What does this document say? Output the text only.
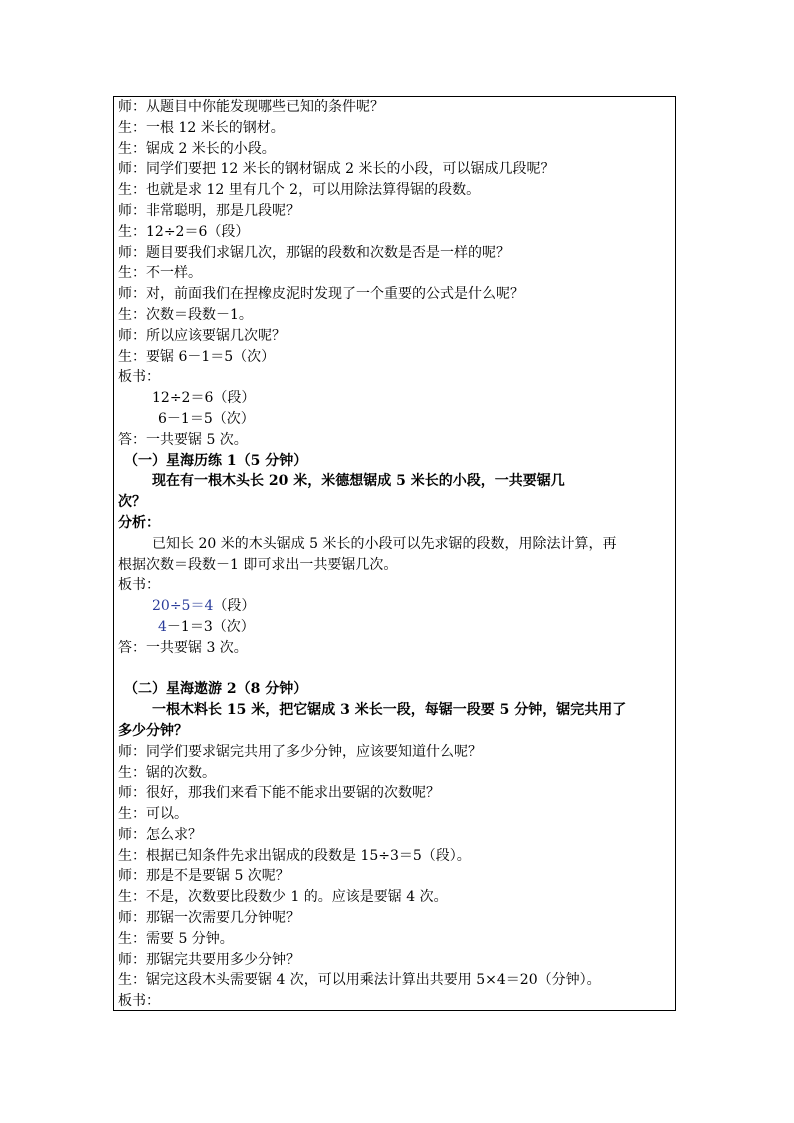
师：从题目中你能发现哪些已知的条件呢？
生：一根 12 米长的钢材。
生：锯成 2 米长的小段。
师：同学们要把 12 米长的钢材锯成 2 米长的小段，可以锯成几段呢？
生：也就是求 12 里有几个 2，可以用除法算得锯的段数。
师：非常聪明，那是几段呢？
生：12÷2＝6（段）
师：题目要我们求锯几次，那锯的段数和次数是否是一样的呢？
生：不一样。
师：对，前面我们在捏橡皮泥时发现了一个重要的公式是什么呢？
生：次数＝段数－1。
师：所以应该要锯几次呢？
生：要锯 6－1＝5（次）
板书：
12÷2＝6（段）
6－1＝5（次）
答：一共要锯 5 次。
（一）星海历练 1（5 分钟）
现在有一根木头长 20 米，米德想锯成 5 米长的小段，一共要锯几
次？
分析：
已知长 20 米的木头锯成 5 米长的小段可以先求锯的段数，用除法计算，再
根据次数＝段数－1 即可求出一共要锯几次。
板书：
20÷5＝4（段）
4－1＝3（次）
答：一共要锯 3 次。
（二）星海遨游 2（8 分钟）
一根木料长 15 米，把它锯成 3 米长一段，每锯一段要 5 分钟，锯完共用了
多少分钟？
师：同学们要求锯完共用了多少分钟，应该要知道什么呢？
生：锯的次数。
师：很好，那我们来看下能不能求出要锯的次数呢？
生：可以。
师：怎么求？
生：根据已知条件先求出锯成的段数是 15÷3＝5（段）。
师：那是不是要锯 5 次呢？
生：不是，次数要比段数少 1 的。应该是要锯 4 次。
师：那锯一次需要几分钟呢？
生：需要 5 分钟。
师：那锯完共要用多少分钟？
生：锯完这段木头需要锯 4 次，可以用乘法计算出共要用 5×4＝20（分钟）。
板书：
